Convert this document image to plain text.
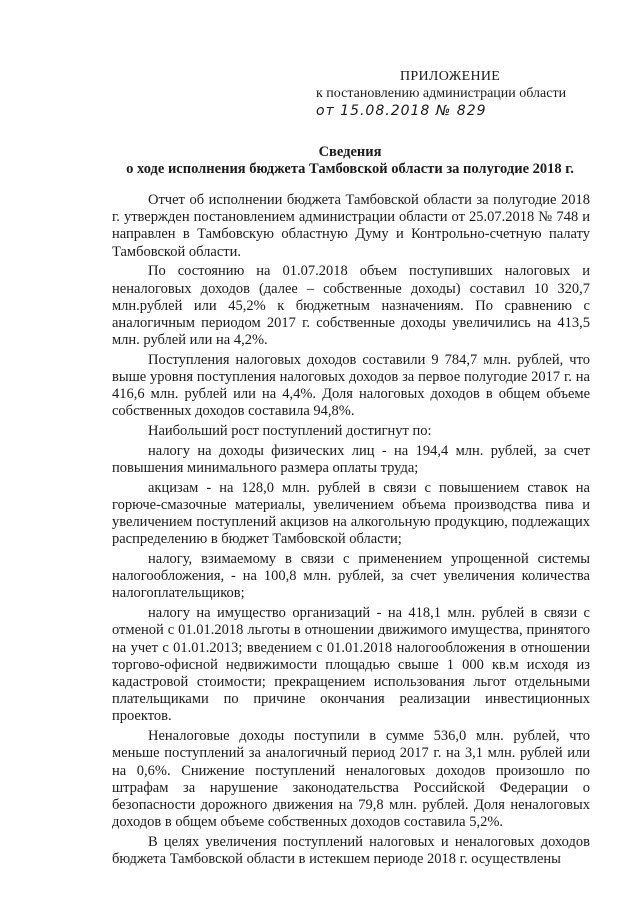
ПРИЛОЖЕНИЕ
к постановлению администрации области
от 15.08.2018 № 829
Сведения
о ходе исполнения бюджета Тамбовской области за полугодие 2018 г.

Отчет об исполнении бюджета Тамбовской области за полугодие 2018 г. утвержден постановлением администрации области от 25.07.2018 № 748 и направлен в Тамбовскую областную Думу и Контрольно-счетную палату Тамбовской области.

По состоянию на 01.07.2018 объем поступивших налоговых и неналоговых доходов (далее – собственные доходы) составил 10 320,7 млн.рублей или 45,2% к бюджетным назначениям. По сравнению с аналогичным периодом 2017 г. собственные доходы увеличились на 413,5 млн. рублей или на 4,2%.

Поступления налоговых доходов составили 9 784,7 млн. рублей, что выше уровня поступления налоговых доходов за первое полугодие 2017 г. на 416,6 млн. рублей или на 4,4%. Доля налоговых доходов в общем объеме собственных доходов составила 94,8%.

Наибольший рост поступлений достигнут по:

налогу на доходы физических лиц - на 194,4 млн. рублей, за счет повышения минимального размера оплаты труда;

акцизам - на 128,0 млн. рублей в связи с повышением ставок на горюче-смазочные материалы, увеличением объема производства пива и увеличением поступлений акцизов на алкогольную продукцию, подлежащих распределению в бюджет Тамбовской области;

налогу, взимаемому в связи с применением упрощенной системы налогообложения, - на 100,8 млн. рублей, за счет увеличения количества налогоплательщиков;

налогу на имущество организаций - на 418,1 млн. рублей в связи с отменой с 01.01.2018 льготы в отношении движимого имущества, принятого на учет с 01.01.2013; введением с 01.01.2018 налогообложения в отношении торгово-офисной недвижимости площадью свыше 1 000 кв.м исходя из кадастровой стоимости; прекращением использования льгот отдельными плательщиками по причине окончания реализации инвестиционных проектов.

Неналоговые доходы поступили в сумме 536,0 млн. рублей, что меньше поступлений за аналогичный период 2017 г. на 3,1 млн. рублей или на 0,6%. Снижение поступлений неналоговых доходов произошло по штрафам за нарушение законодательства Российской Федерации о безопасности дорожного движения на 79,8 млн. рублей. Доля неналоговых доходов в общем объеме собственных доходов составила 5,2%.

В целях увеличения поступлений налоговых и неналоговых доходов бюджета Тамбовской области в истекшем периоде 2018 г. осуществлены
